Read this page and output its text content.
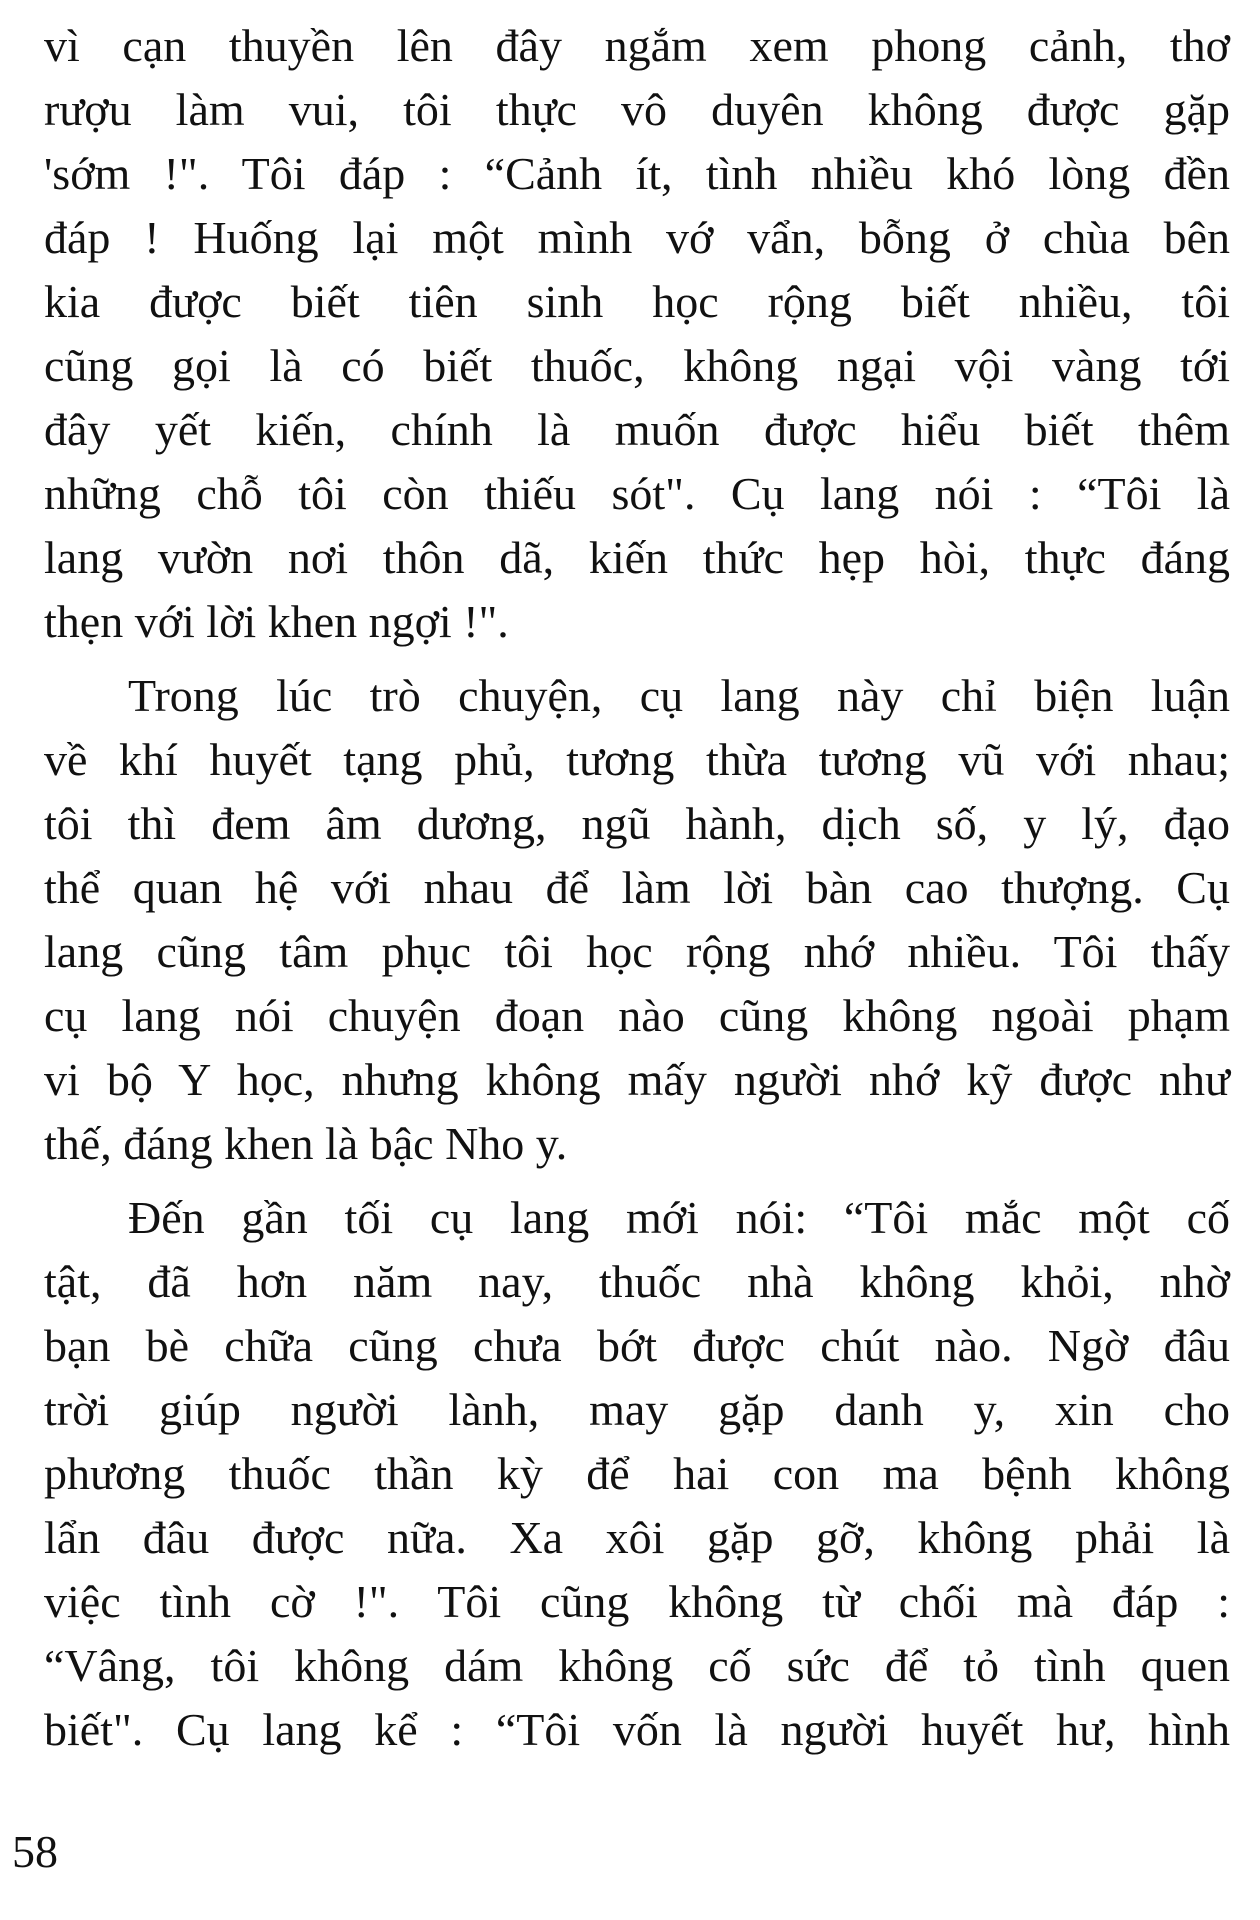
vì cạn thuyền lên đây ngắm xem phong cảnh, thơ
rượu làm vui, tôi thực vô duyên không được gặp
'sớm !". Tôi đáp : “Cảnh ít, tình nhiều khó lòng đền
đáp ! Huống lại một mình vớ vẩn, bỗng ở chùa bên
kia được biết tiên sinh học rộng biết nhiều, tôi
cũng gọi là có biết thuốc, không ngại vội vàng tới
đây yết kiến, chính là muốn được hiểu biết thêm
những chỗ tôi còn thiếu sót". Cụ lang nói : “Tôi là
lang vườn nơi thôn dã, kiến thức hẹp hòi, thực đáng
thẹn với lời khen ngợi !".
Trong lúc trò chuyện, cụ lang này chỉ biện luận
về khí huyết tạng phủ, tương thừa tương vũ với nhau;
tôi thì đem âm dương, ngũ hành, dịch số, y lý, đạo
thể quan hệ với nhau để làm lời bàn cao thượng. Cụ
lang cũng tâm phục tôi học rộng nhớ nhiều. Tôi thấy
cụ lang nói chuyện đoạn nào cũng không ngoài phạm
vi bộ Y học, nhưng không mấy người nhớ kỹ được như
thế, đáng khen là bậc Nho y.
Đến gần tối cụ lang mới nói: “Tôi mắc một cố
tật, đã hơn năm nay, thuốc nhà không khỏi, nhờ
bạn bè chữa cũng chưa bớt được chút nào. Ngờ đâu
trời giúp người lành, may gặp danh y, xin cho
phương thuốc thần kỳ để hai con ma bệnh không
lẩn đâu được nữa. Xa xôi gặp gỡ, không phải là
việc tình cờ !". Tôi cũng không từ chối mà đáp :
“Vâng, tôi không dám không cố sức để tỏ tình quen
biết". Cụ lang kể : “Tôi vốn là người huyết hư, hình
58
